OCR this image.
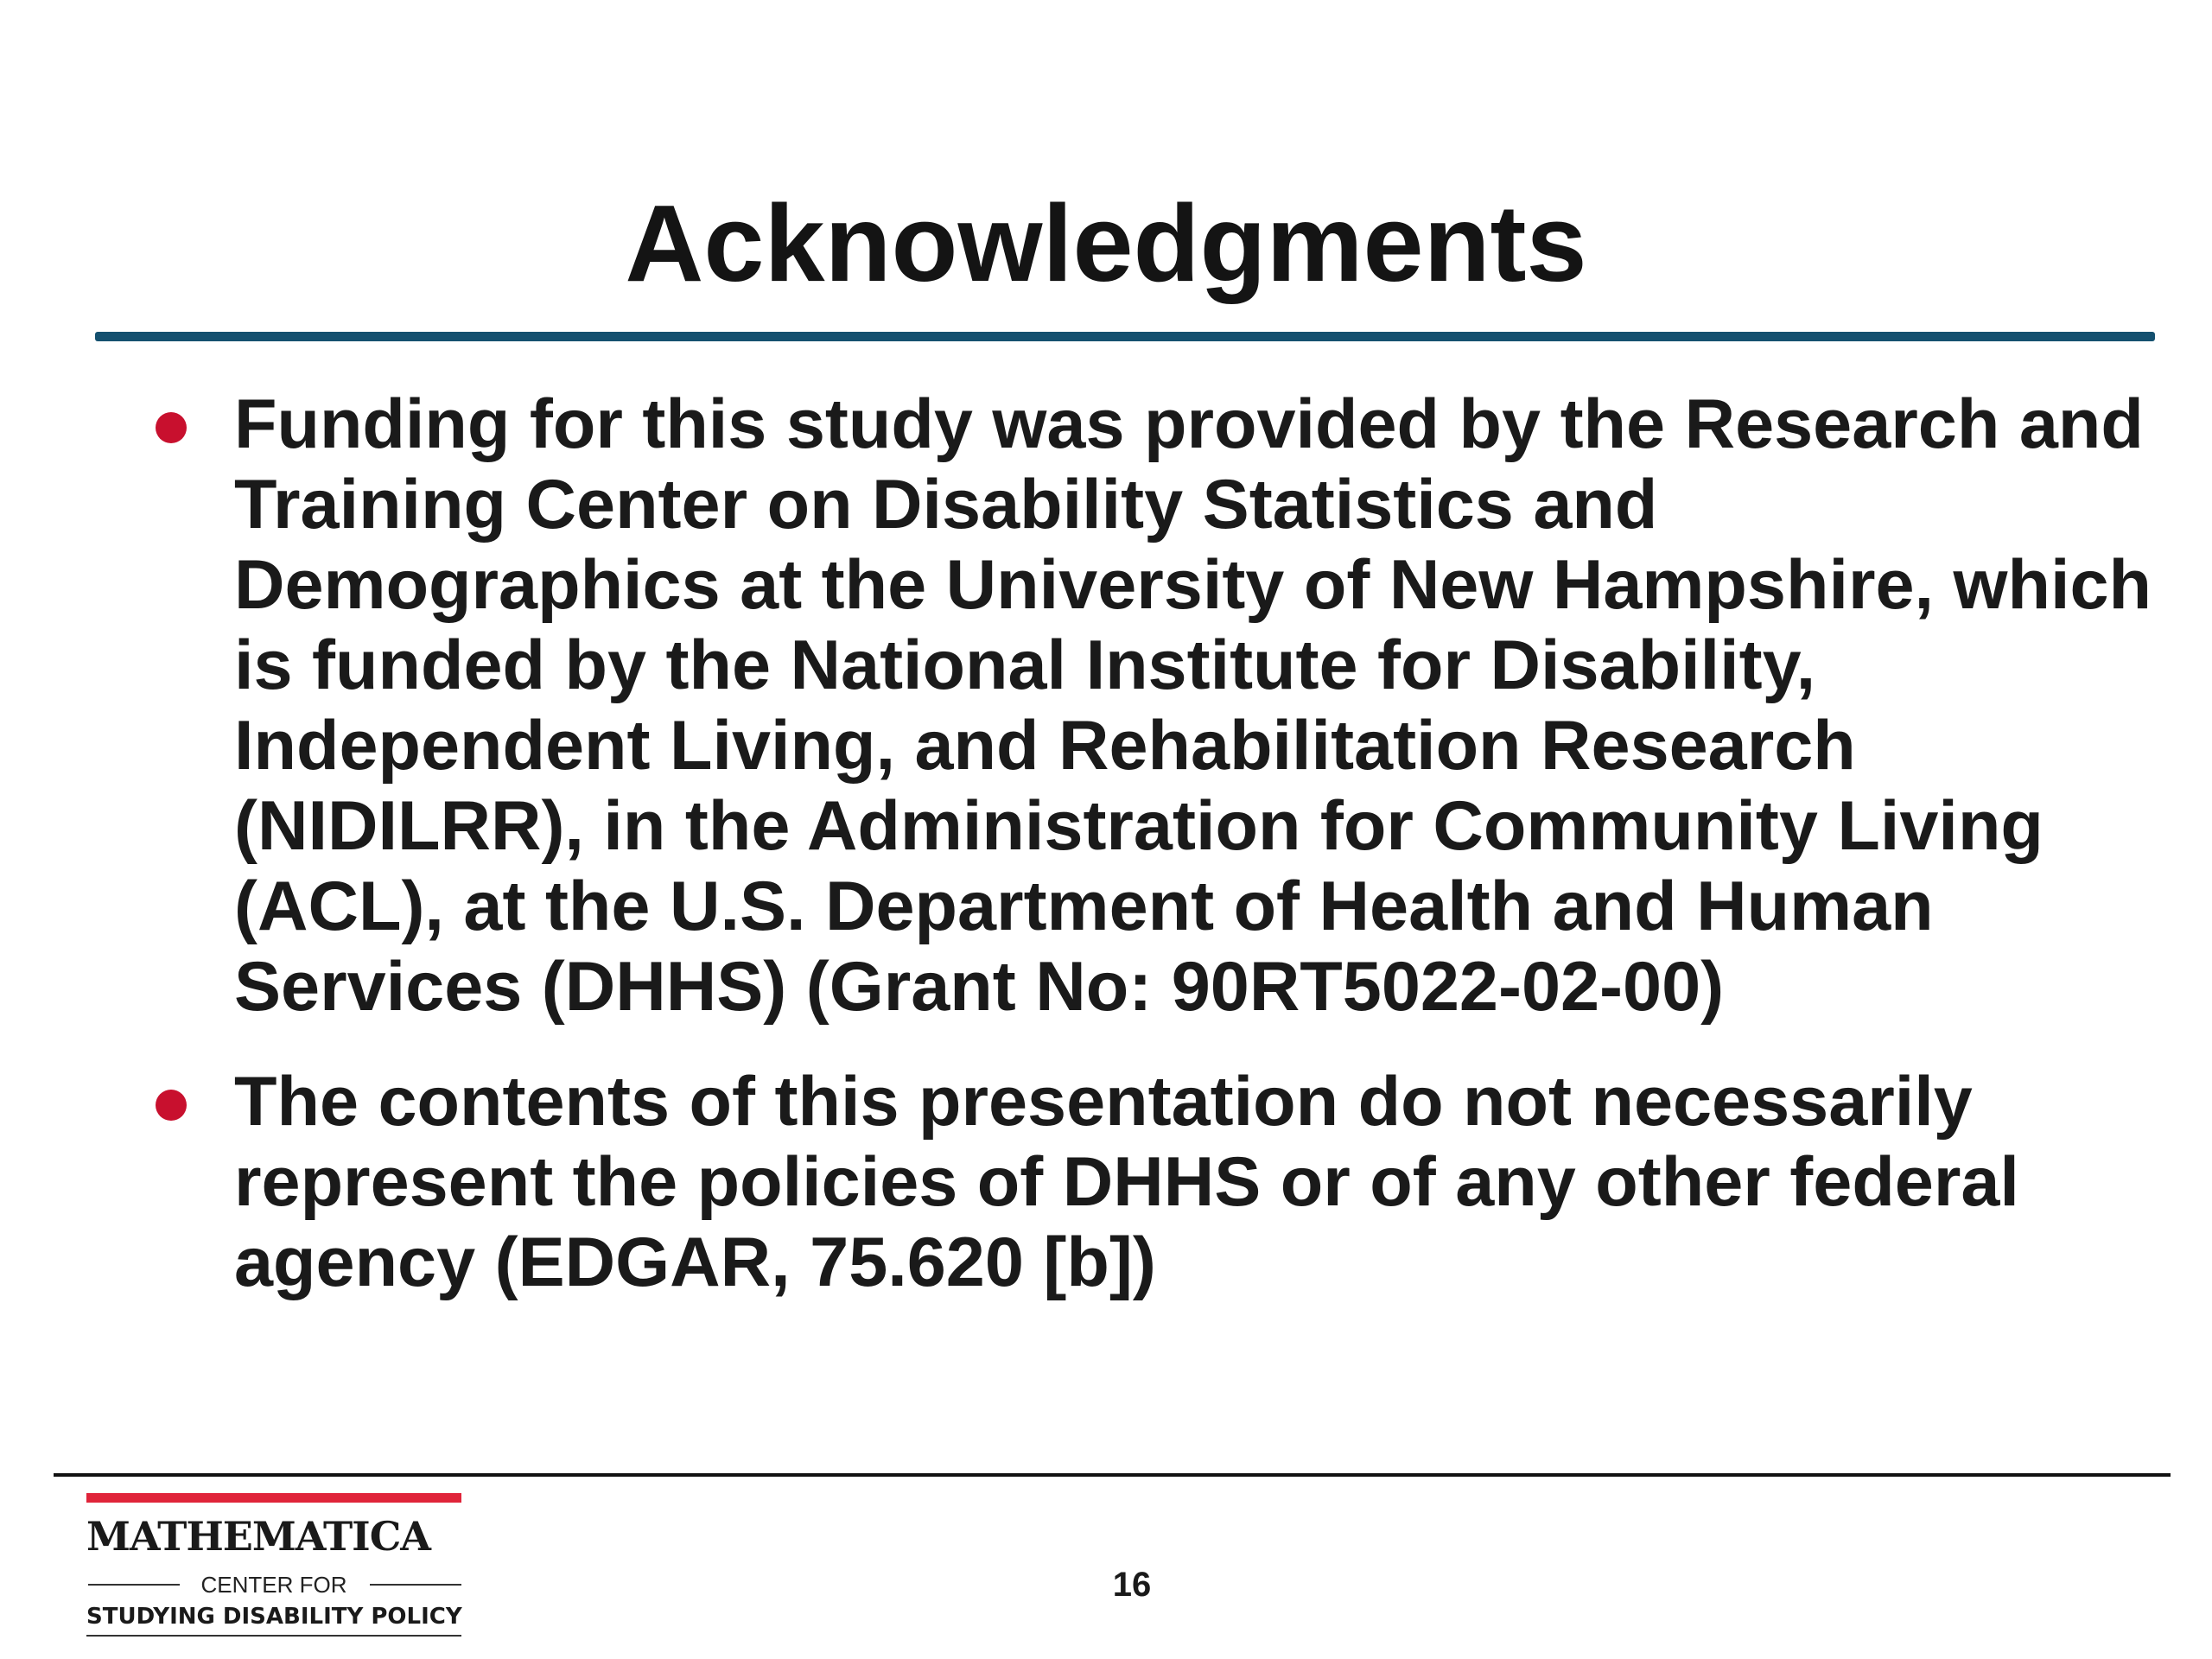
Acknowledgments
Funding for this study was provided by the Research and Training Center on Disability Statistics and Demographics at the University of New Hampshire, which is funded by the National Institute for Disability, Independent Living, and Rehabilitation Research (NIDILRR), in the Administration for Community Living (ACL), at the U.S. Department of Health and Human Services (DHHS) (Grant No: 90RT5022-02-00)
The contents of this presentation do not necessarily represent the policies of DHHS or of any other federal agency (EDGAR, 75.620 [b])
MATHEMATICA
CENTER FOR
STUDYING DISABILITY POLICY
16
